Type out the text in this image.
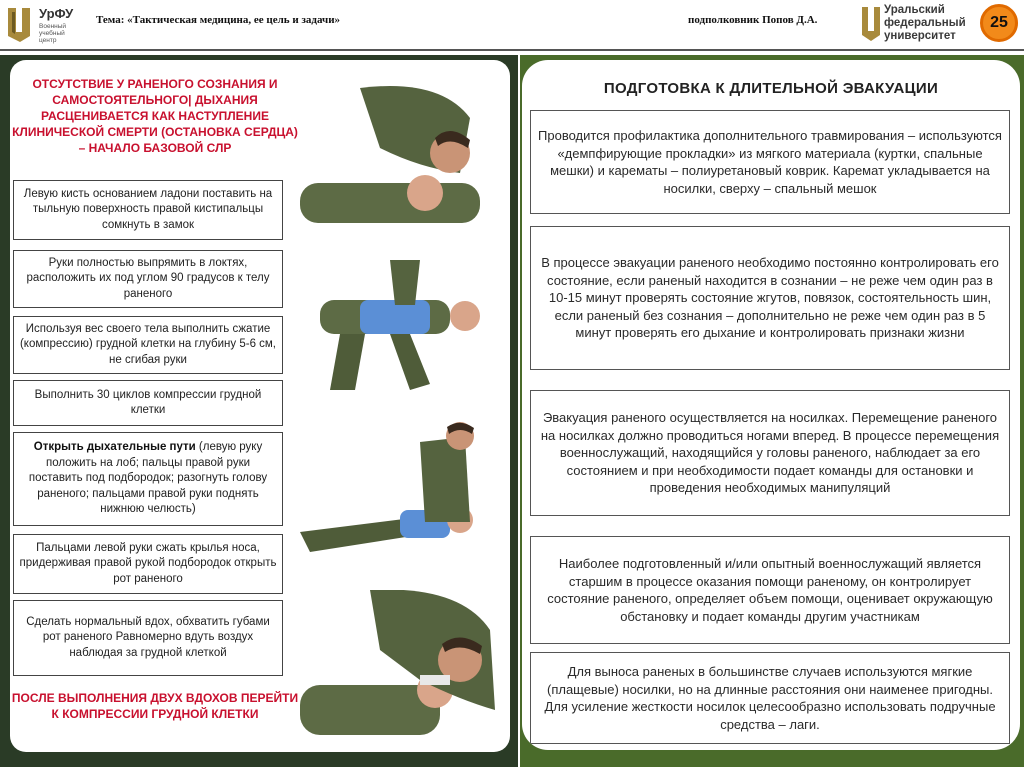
УрФУ
Военный учебный центр
Тема: «Тактическая медицина, ее цель и задачи»	подполковник Попов Д.А.
Уральский
федеральный
университет
25
ОТСУТСТВИЕ У РАНЕНОГО СОЗНАНИЯ И САМОСТОЯТЕЛЬНОГО| ДЫХАНИЯ РАСЦЕНИВАЕТСЯ КАК НАСТУПЛЕНИЕ КЛИНИЧЕСКОЙ СМЕРТИ (ОСТАНОВКА СЕРДЦА) – НАЧАЛО БАЗОВОЙ СЛР
Левую кисть основанием ладони поставить на тыльную поверхность правой кистипальцы сомкнуть в замок
Руки полностью выпрямить в локтях, расположить их под углом 90 градусов к телу раненого
Используя вес своего тела выполнить сжатие (компрессию) грудной клетки на глубину 5-6 см, не сгибая руки
Выполнить 30 циклов компрессии грудной клетки
Открыть дыхательные пути (левую руку положить на лоб; пальцы правой руки поставить под подбородок; разогнуть голову раненого; пальцами правой руки поднять нижнюю челюсть)
Пальцами левой руки сжать крылья носа, придерживая правой рукой подбородок открыть рот раненого
Сделать нормальный вдох, обхватить губами рот раненого Равномерно вдуть воздух наблюдая за грудной клеткой
ПОСЛЕ ВЫПОЛНЕНИЯ ДВУХ ВДОХОВ ПЕРЕЙТИ К КОМПРЕССИИ ГРУДНОЙ КЛЕТКИ
ПОДГОТОВКА К ДЛИТЕЛЬНОЙ ЭВАКУАЦИИ
Проводится профилактика дополнительного травмирования – используются «демпфирующие прокладки» из мягкого материала (куртки, спальные мешки) и карематы – полиуретановый коврик. Каремат укладывается на носилки, сверху – спальный мешок
В процессе эвакуации раненого необходимо постоянно контролировать его состояние, если раненый находится в сознании – не реже чем один раз в 10-15 минут проверять состояние жгутов, повязок, состоятельность шин, если раненый без сознания – дополнительно не реже чем один раз в 5 минут проверять его дыхание и контролировать признаки жизни
Эвакуация раненого осуществляется на носилках. Перемещение раненого на носилках должно проводиться ногами вперед. В процессе перемещения военнослужащий, находящийся у головы раненого, наблюдает за его состоянием и при необходимости подает команды для остановки и проведения необходимых манипуляций
Наиболее подготовленный и/или опытный военнослужащий является старшим в процессе оказания помощи раненому, он контролирует состояние раненого, определяет объем помощи, оценивает окружающую обстановку и подает команды другим участникам
Для выноса раненых в большинстве случаев используются мягкие (плащевые) носилки, но на длинные расстояния они наименее пригодны. Для усиление жесткости носилок целесообразно использовать подручные средства – лаги.
